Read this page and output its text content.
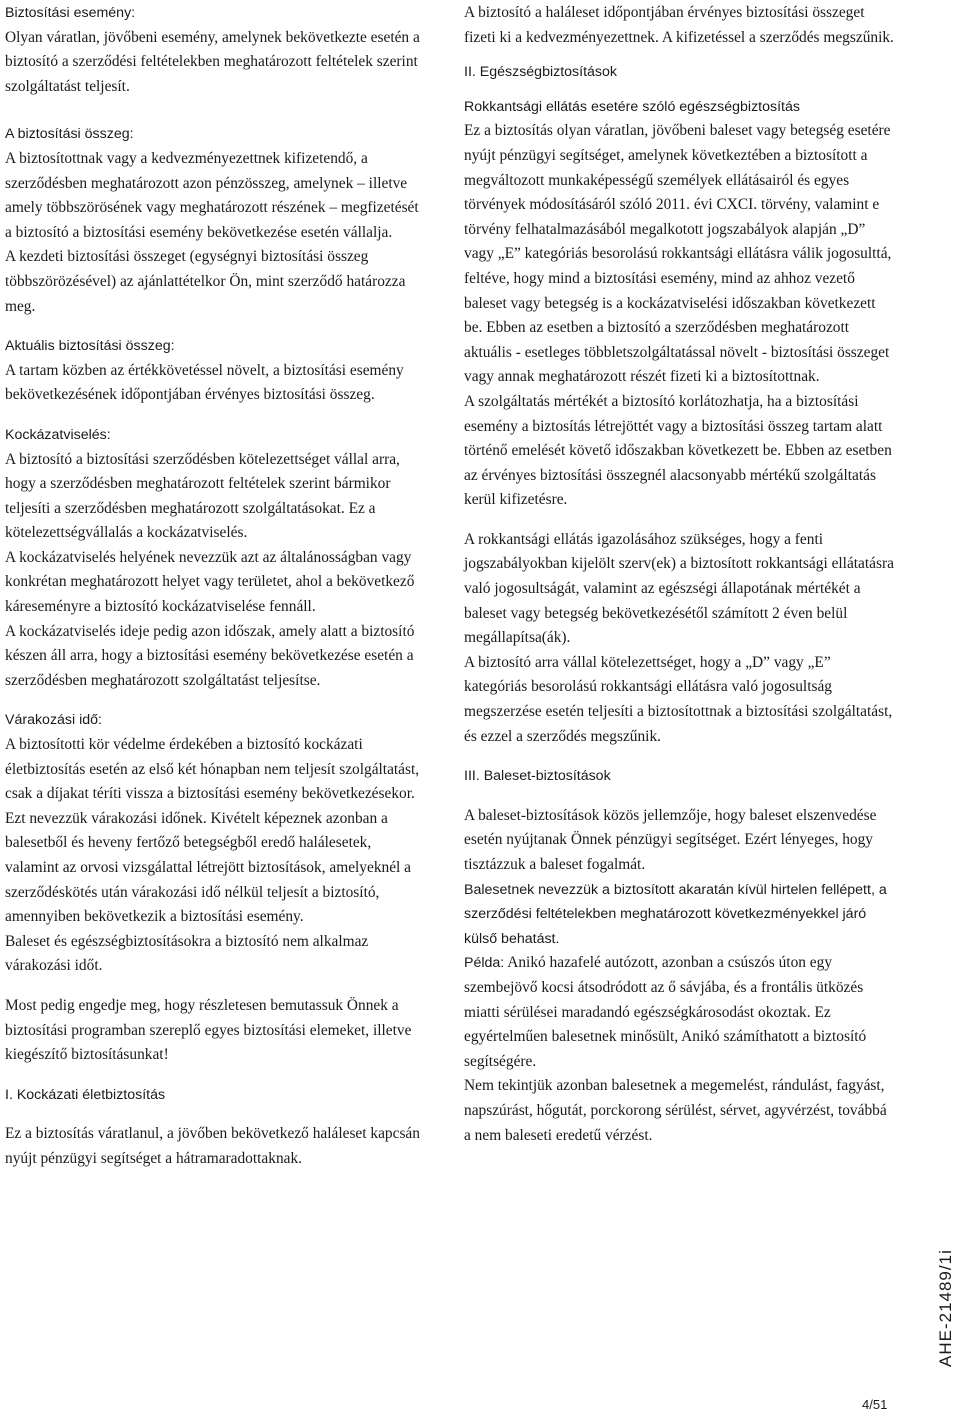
Biztosítási esemény:

Olyan váratlan, jövőbeni esemény, amelynek bekövetkezte esetén a biztosító a szerződési feltételekben meghatározott feltételek szerint szolgáltatást teljesít.

A biztosítási összeg:

A biztosítottnak vagy a kedvezményezettnek kifizetendő, a szerződésben meghatározott azon pénzösszeg, amelynek – illetve amely többszörösének vagy meghatározott részének – megfizetését a biztosító a biztosítási esemény bekövetkezése esetén vállalja.

A kezdeti biztosítási összeget (egységnyi biztosítási összeg többszörözésével) az ajánlattételkor Ön, mint szerződő határozza meg.

Aktuális biztosítási összeg:

A tartam közben az értékkövetéssel növelt, a biztosítási esemény bekövetkezésének időpontjában érvényes biztosítási összeg.

Kockázatviselés:

A biztosító a biztosítási szerződésben kötelezettséget vállal arra, hogy a szerződésben meghatározott feltételek szerint bármikor teljesíti a szerződésben meghatározott szolgáltatásokat. Ez a kötelezettségvállalás a kockázatviselés.

A kockázatviselés helyének nevezzük azt az általánosságban vagy konkrétan meghatározott helyet vagy területet, ahol a bekövetkező káreseményre a biztosító kockázatviselése fennáll.

A kockázatviselés ideje pedig azon időszak, amely alatt a biztosító készen áll arra, hogy a biztosítási esemény bekövetkezése esetén a szerződésben meghatározott szolgáltatást teljesítse.

Várakozási idő:

A biztosítotti kör védelme érdekében a biztosító kockázati életbiztosítás esetén az első két hónapban nem teljesít szolgáltatást, csak a díjakat téríti vissza a biztosítási esemény bekövetkezésekor. Ezt nevezzük várakozási időnek. Kivételt képeznek azonban a balesetből és heveny fertőző betegségből eredő halálesetek, valamint az orvosi vizsgálattal létrejött biztosítások, amelyeknél a szerződéskötés után várakozási idő nélkül teljesít a biztosító, amennyiben bekövetkezik a biztosítási esemény.

Baleset és egészségbiztosításokra a biztosító nem alkalmaz várakozási időt.

Most pedig engedje meg, hogy részletesen bemutassuk Önnek a biztosítási programban szereplő egyes biztosítási elemeket, illetve kiegészítő biztosításunkat!

I. Kockázati életbiztosítás

Ez a biztosítás váratlanul, a jövőben bekövetkező haláleset kapcsán nyújt pénzügyi segítséget a hátramaradottaknak.

A biztosító a haláleset időpontjában érvényes biztosítási összeget fizeti ki a kedvezményezettnek. A kifizetéssel a szerződés megszűnik.

II. Egészségbiztosítások
Rokkantsági ellátás esetére szóló egészségbiztosítás

Ez a biztosítás olyan váratlan, jövőbeni baleset vagy betegség esetére nyújt pénzügyi segítséget, amelynek következtében a biztosított a megváltozott munkaképességű személyek ellátásairól és egyes törvények módosításáról szóló 2011. évi CXCI. törvény, valamint e törvény felhatalmazásából megalkotott jogszabályok alapján „D” vagy „E” kategóriás besorolású rokkantsági ellátásra válik jogosulttá, feltéve, hogy mind a biztosítási esemény, mind az ahhoz vezető baleset vagy betegség is a kockázatviselési időszakban következett be. Ebben az esetben a biztosító a szerződésben meghatározott aktuális - esetleges többletszolgáltatással növelt - biztosítási összeget vagy annak meghatározott részét fizeti ki a biztosítottnak.

A szolgáltatás mértékét a biztosító korlátozhatja, ha a biztosítási esemény a biztosítás létrejöttét vagy a biztosítási összeg tartam alatt történő emelését követő időszakban következett be. Ebben az esetben az érvényes biztosítási összegnél alacsonyabb mértékű szolgáltatás kerül kifizetésre.

A rokkantsági ellátás igazolásához szükséges, hogy a fenti jogszabályokban kijelölt szerv(ek) a biztosított rokkantsági ellátatásra való jogosultságát, valamint az egészségi állapotának mértékét a baleset vagy betegség bekövetkezésétől számított 2 éven belül megállapítsa(ák).

A biztosító arra vállal kötelezettséget, hogy a „D” vagy „E” kategóriás besorolású rokkantsági ellátásra való jogosultság megszerzése esetén teljesíti a biztosítottnak a biztosítási szolgáltatást, és ezzel a szerződés megszűnik.

III. Baleset-biztosítások

A baleset-biztosítások közös jellemzője, hogy baleset elszenvedése esetén nyújtanak Önnek pénzügyi segítséget. Ezért lényeges, hogy tisztázzuk a baleset fogalmát.

Balesetnek nevezzük a biztosított akaratán kívül hirtelen fellépett, a szerződési feltételekben meghatározott következményekkel járó külső behatást.

Példa: Anikó hazafelé autózott, azonban a csúszós úton egy szembejövő kocsi átsodródott az ő sávjába, és a frontális ütközés miatti sérülései maradandó egészségkárosodást okoztak. Ez egyértelműen balesetnek minősült, Anikó számíthatott a biztosító segítségére.

Nem tekintjük azonban balesetnek a megemelést, rándulást, fagyást, napszúrást, hőgutát, porckorong sérülést, sérvet, agyvérzést, továbbá a nem baleseti eredetű vérzést.

AHE-21489/1i
4/51
